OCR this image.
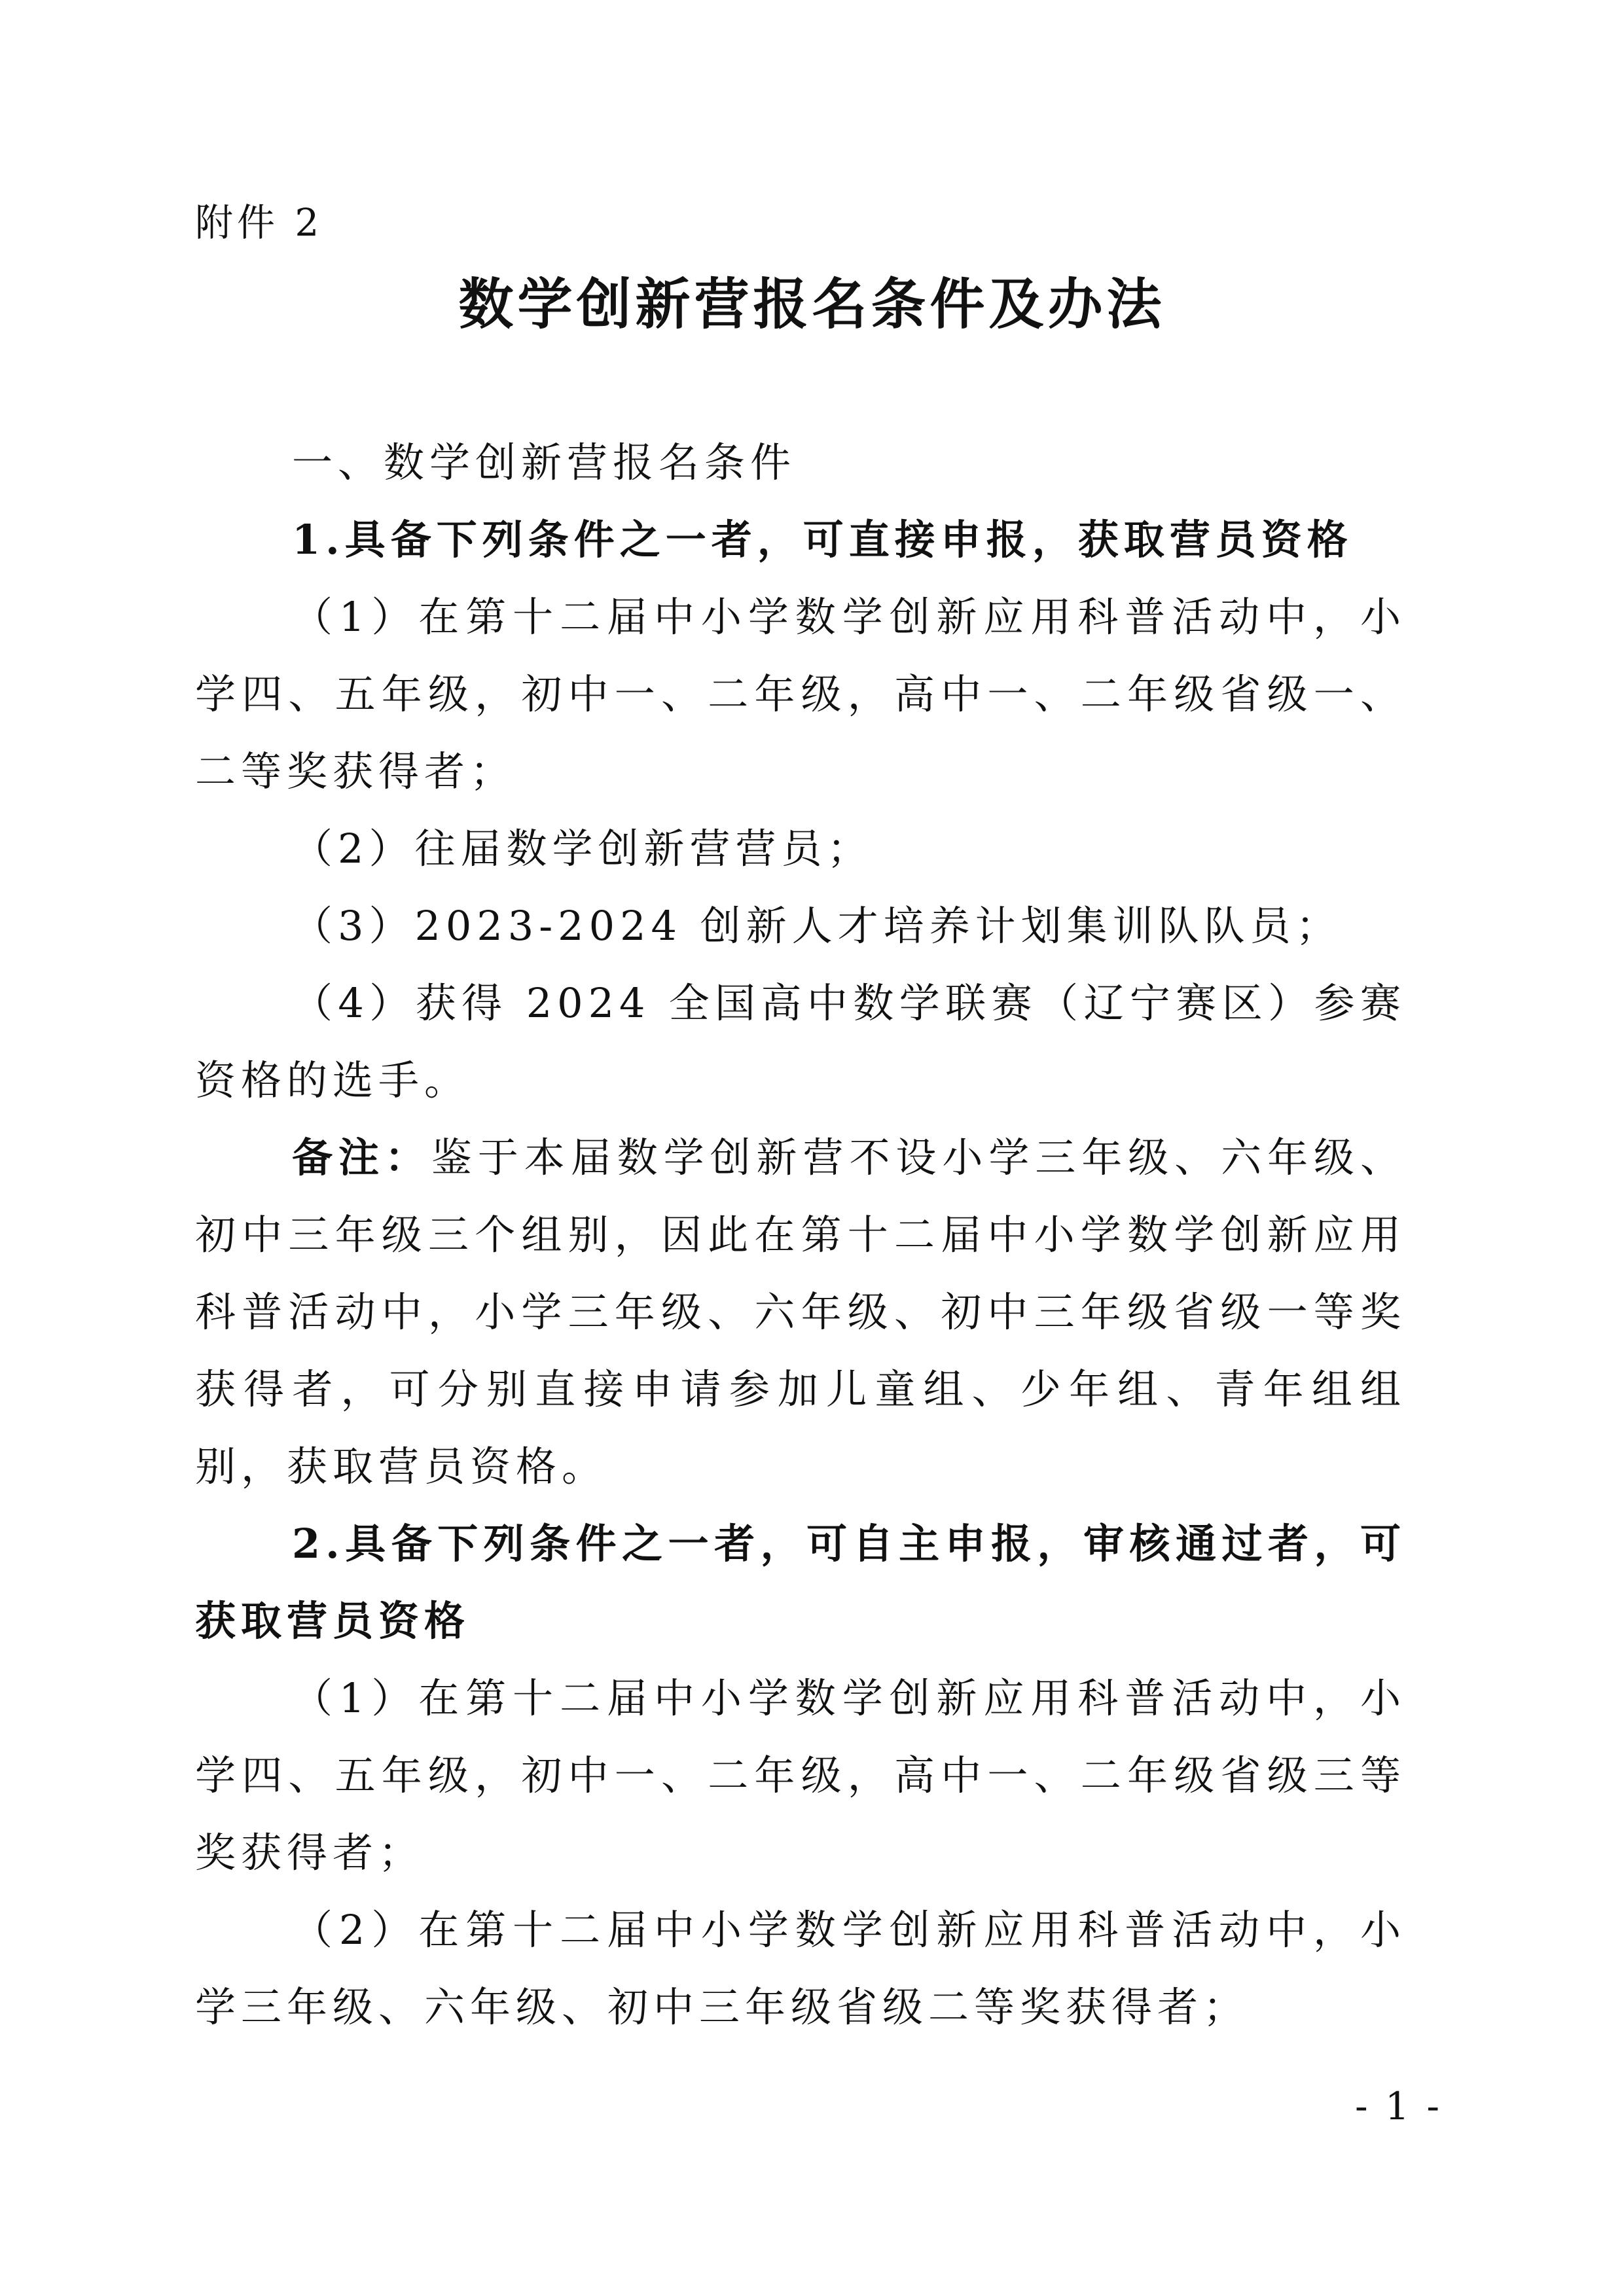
附件 2
数学创新营报名条件及办法

一、数学创新营报名条件

1.具备下列条件之一者，可直接申报，获取营员资格

（1）在第十二届中小学数学创新应用科普活动中，小学四、五年级，初中一、二年级，高中一、二年级省级一、二等奖获得者；

（2）往届数学创新营营员；

（3）2023-2024 创新人才培养计划集训队队员；

（4）获得 2024 全国高中数学联赛（辽宁赛区）参赛资格的选手。

备注：鉴于本届数学创新营不设小学三年级、六年级、初中三年级三个组别，因此在第十二届中小学数学创新应用科普活动中，小学三年级、六年级、初中三年级省级一等奖获得者，可分别直接申请参加儿童组、少年组、青年组组别，获取营员资格。

2.具备下列条件之一者，可自主申报，审核通过者，可获取营员资格

（1）在第十二届中小学数学创新应用科普活动中，小学四、五年级，初中一、二年级，高中一、二年级省级三等奖获得者；

（2）在第十二届中小学数学创新应用科普活动中，小学三年级、六年级、初中三年级省级二等奖获得者；

- 1 -
